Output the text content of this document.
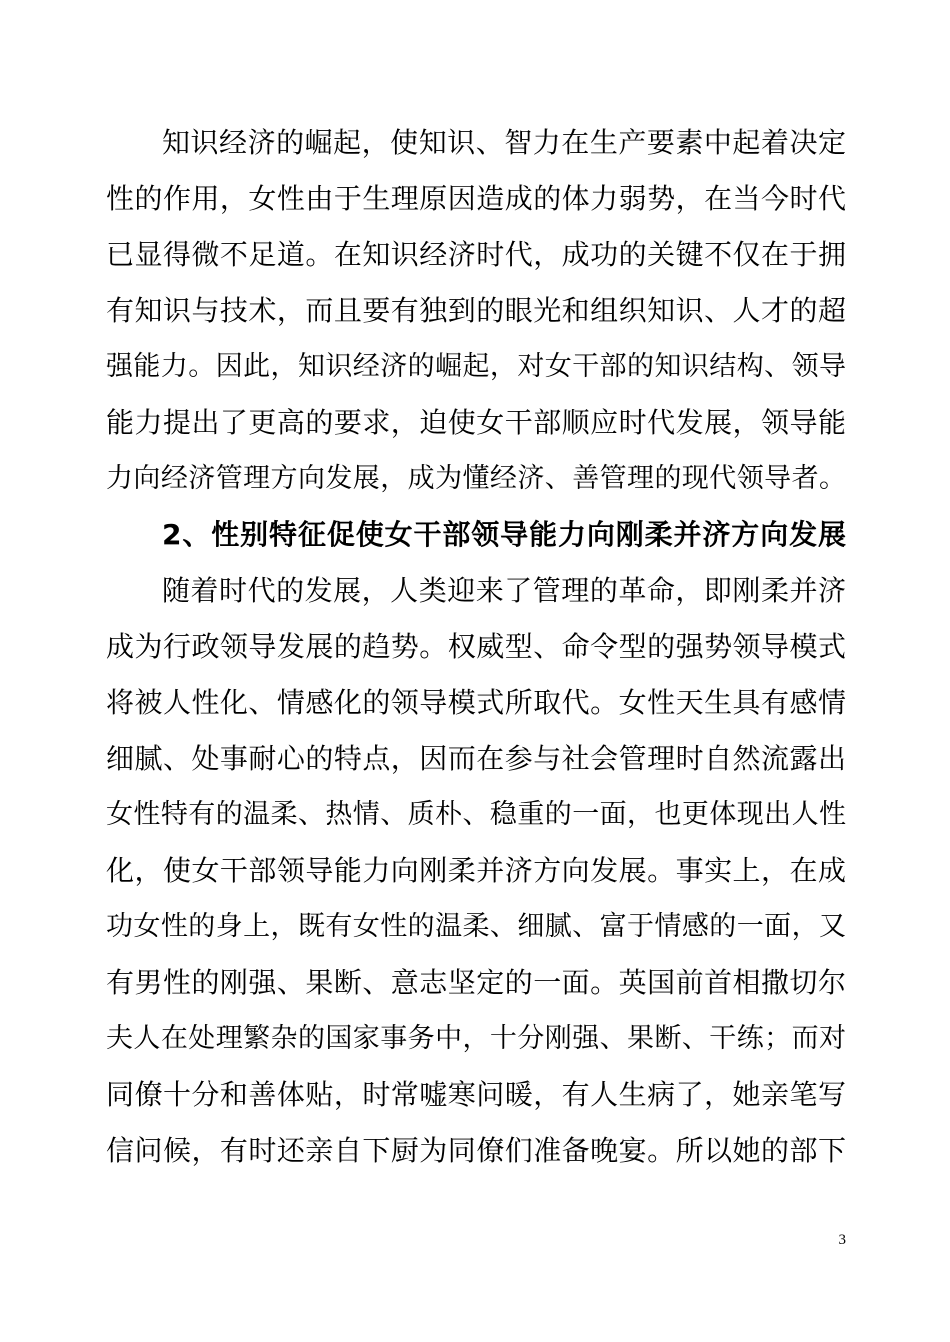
知识经济的崛起，使知识、智力在生产要素中起着决定
性的作用，女性由于生理原因造成的体力弱势，在当今时代
已显得微不足道。在知识经济时代，成功的关键不仅在于拥
有知识与技术，而且要有独到的眼光和组织知识、人才的超
强能力。因此，知识经济的崛起，对女干部的知识结构、领导
能力提出了更高的要求，迫使女干部顺应时代发展，领导能
力向经济管理方向发展，成为懂经济、善管理的现代领导者。
2、性别特征促使女干部领导能力向刚柔并济方向发展
随着时代的发展，人类迎来了管理的革命，即刚柔并济
成为行政领导发展的趋势。权威型、命令型的强势领导模式
将被人性化、情感化的领导模式所取代。女性天生具有感情
细腻、处事耐心的特点，因而在参与社会管理时自然流露出
女性特有的温柔、热情、质朴、稳重的一面，也更体现出人性
化，使女干部领导能力向刚柔并济方向发展。事实上，在成
功女性的身上，既有女性的温柔、细腻、富于情感的一面，又
有男性的刚强、果断、意志坚定的一面。英国前首相撒切尔
夫人在处理繁杂的国家事务中，十分刚强、果断、干练；而对
同僚十分和善体贴，时常嘘寒问暖，有人生病了，她亲笔写
信问候，有时还亲自下厨为同僚们准备晚宴。所以她的部下
3
